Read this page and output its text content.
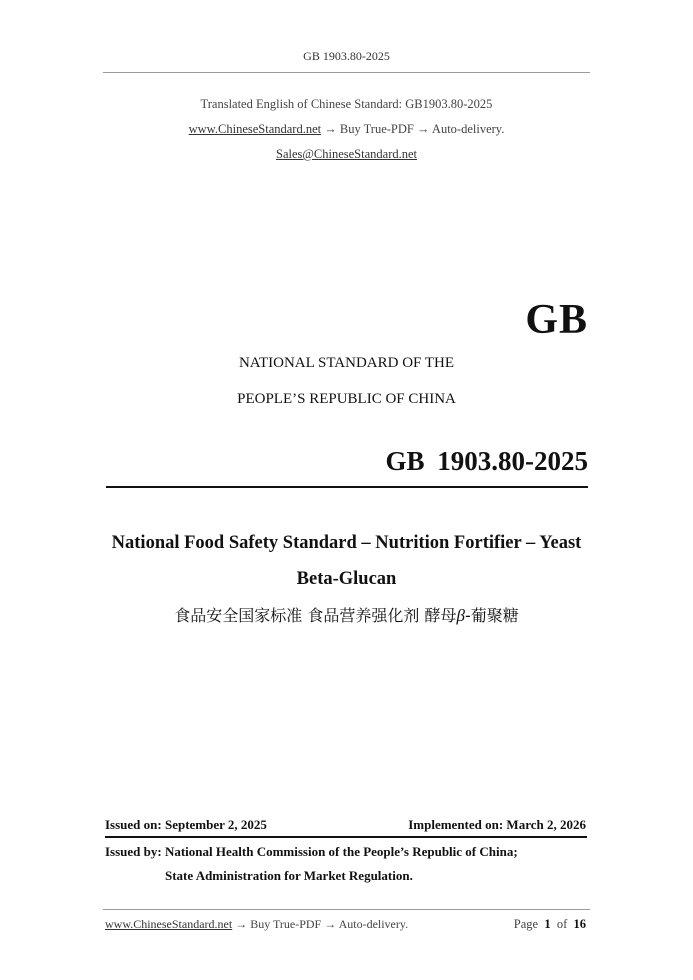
GB 1903.80-2025
Translated English of Chinese Standard: GB1903.80-2025
www.ChineseStandard.net → Buy True-PDF → Auto-delivery.
Sales@ChineseStandard.net
GB
NATIONAL STANDARD OF THE
PEOPLE’S REPUBLIC OF CHINA
GB 1903.80-2025
National Food Safety Standard – Nutrition Fortifier – Yeast
Beta-Glucan
食品安全国家标准 食品营养强化剂 酵母β-葡聚糖
Issued on: September 2, 2025	Implemented on: March 2, 2026
Issued by: National Health Commission of the People’s Republic of China;
State Administration for Market Regulation.
www.ChineseStandard.net → Buy True-PDF → Auto-delivery.	Page 1 of 16
